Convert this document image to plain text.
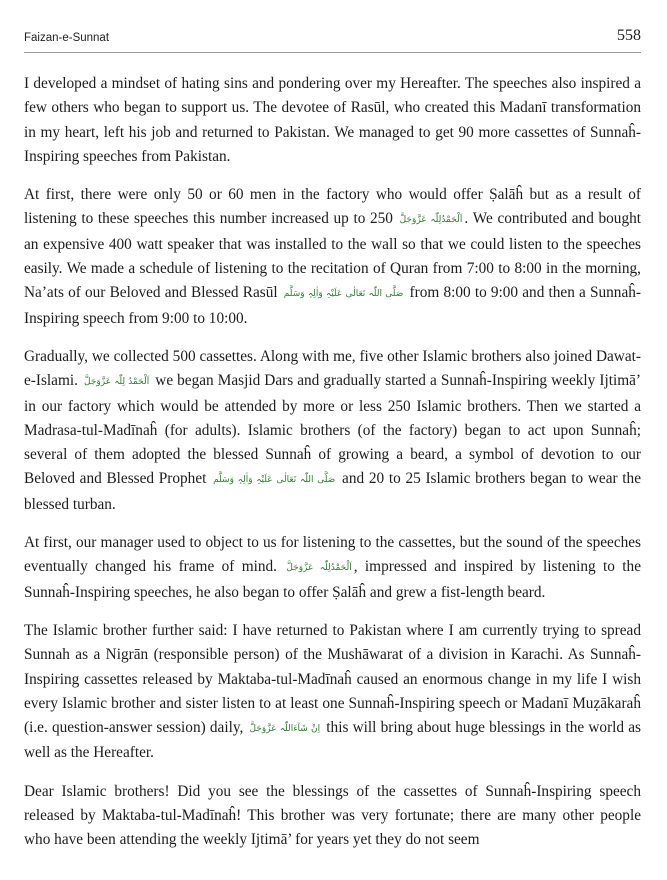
Faizan-e-Sunnat	558

I developed a mindset of hating sins and pondering over my Hereafter. The speeches also inspired a few others who began to support us. The devotee of Rasūl, who created this Madanī transformation in my heart, left his job and returned to Pakistan. We managed to get 90 more cassettes of Sunnaĥ-Inspiring speeches from Pakistan.

At first, there were only 50 or 60 men in the factory who would offer Ṣalāĥ but as a result of listening to these speeches this number increased up to 250 اَلْحَمْدُلِلّٰہ عَزَّوَجَلَّ . We contributed and bought an expensive 400 watt speaker that was installed to the wall so that we could listen to the speeches easily. We made a schedule of listening to the recitation of Quran from 7:00 to 8:00 in the morning, Na’ats of our Beloved and Blessed Rasūl صَلَّی اللّٰہ تَعَالٰی عَلَیْہِ وَاٰلِہٖ وَسَلَّم from 8:00 to 9:00 and then a Sunnaĥ-Inspiring speech from 9:00 to 10:00.

Gradually, we collected 500 cassettes. Along with me, five other Islamic brothers also joined Dawat-e-Islami. اَلْحَمْدُ لِلّٰہ عَزَّوَجَلَّ we began Masjid Dars and gradually started a Sunnaĥ-Inspiring weekly Ijtimā’ in our factory which would be attended by more or less 250 Islamic brothers. Then we started a Madrasa-tul-Madīnaĥ (for adults). Islamic brothers (of the factory) began to act upon Sunnaĥ; several of them adopted the blessed Sunnaĥ of growing a beard, a symbol of devotion to our Beloved and Blessed Prophet صَلَّی اللّٰہ تَعَالٰی عَلَیْہِ وَاٰلِہٖ وَسَلَّم and 20 to 25 Islamic brothers began to wear the blessed turban.

At first, our manager used to object to us for listening to the cassettes, but the sound of the speeches eventually changed his frame of mind. اَلْحَمْدُلِلّٰہ عَزَّوَجَلَّ , impressed and inspired by listening to the Sunnaĥ-Inspiring speeches, he also began to offer Ṣalāĥ and grew a fist-length beard.

The Islamic brother further said: I have returned to Pakistan where I am currently trying to spread Sunnah as a Nigrān (responsible person) of the Mushāwarat of a division in Karachi. As Sunnaĥ-Inspiring cassettes released by Maktaba-tul-Madīnaĥ caused an enormous change in my life I wish every Islamic brother and sister listen to at least one Sunnaĥ-Inspiring speech or Madanī Muẓākaraĥ (i.e. question-answer session) daily, اِنْ شَآءَاللّٰہ عَزَّوَجَلَّ this will bring about huge blessings in the world as well as the Hereafter.

Dear Islamic brothers! Did you see the blessings of the cassettes of Sunnaĥ-Inspiring speech released by Maktaba-tul-Madīnaĥ! This brother was very fortunate; there are many other people who have been attending the weekly Ijtimā’ for years yet they do not seem
